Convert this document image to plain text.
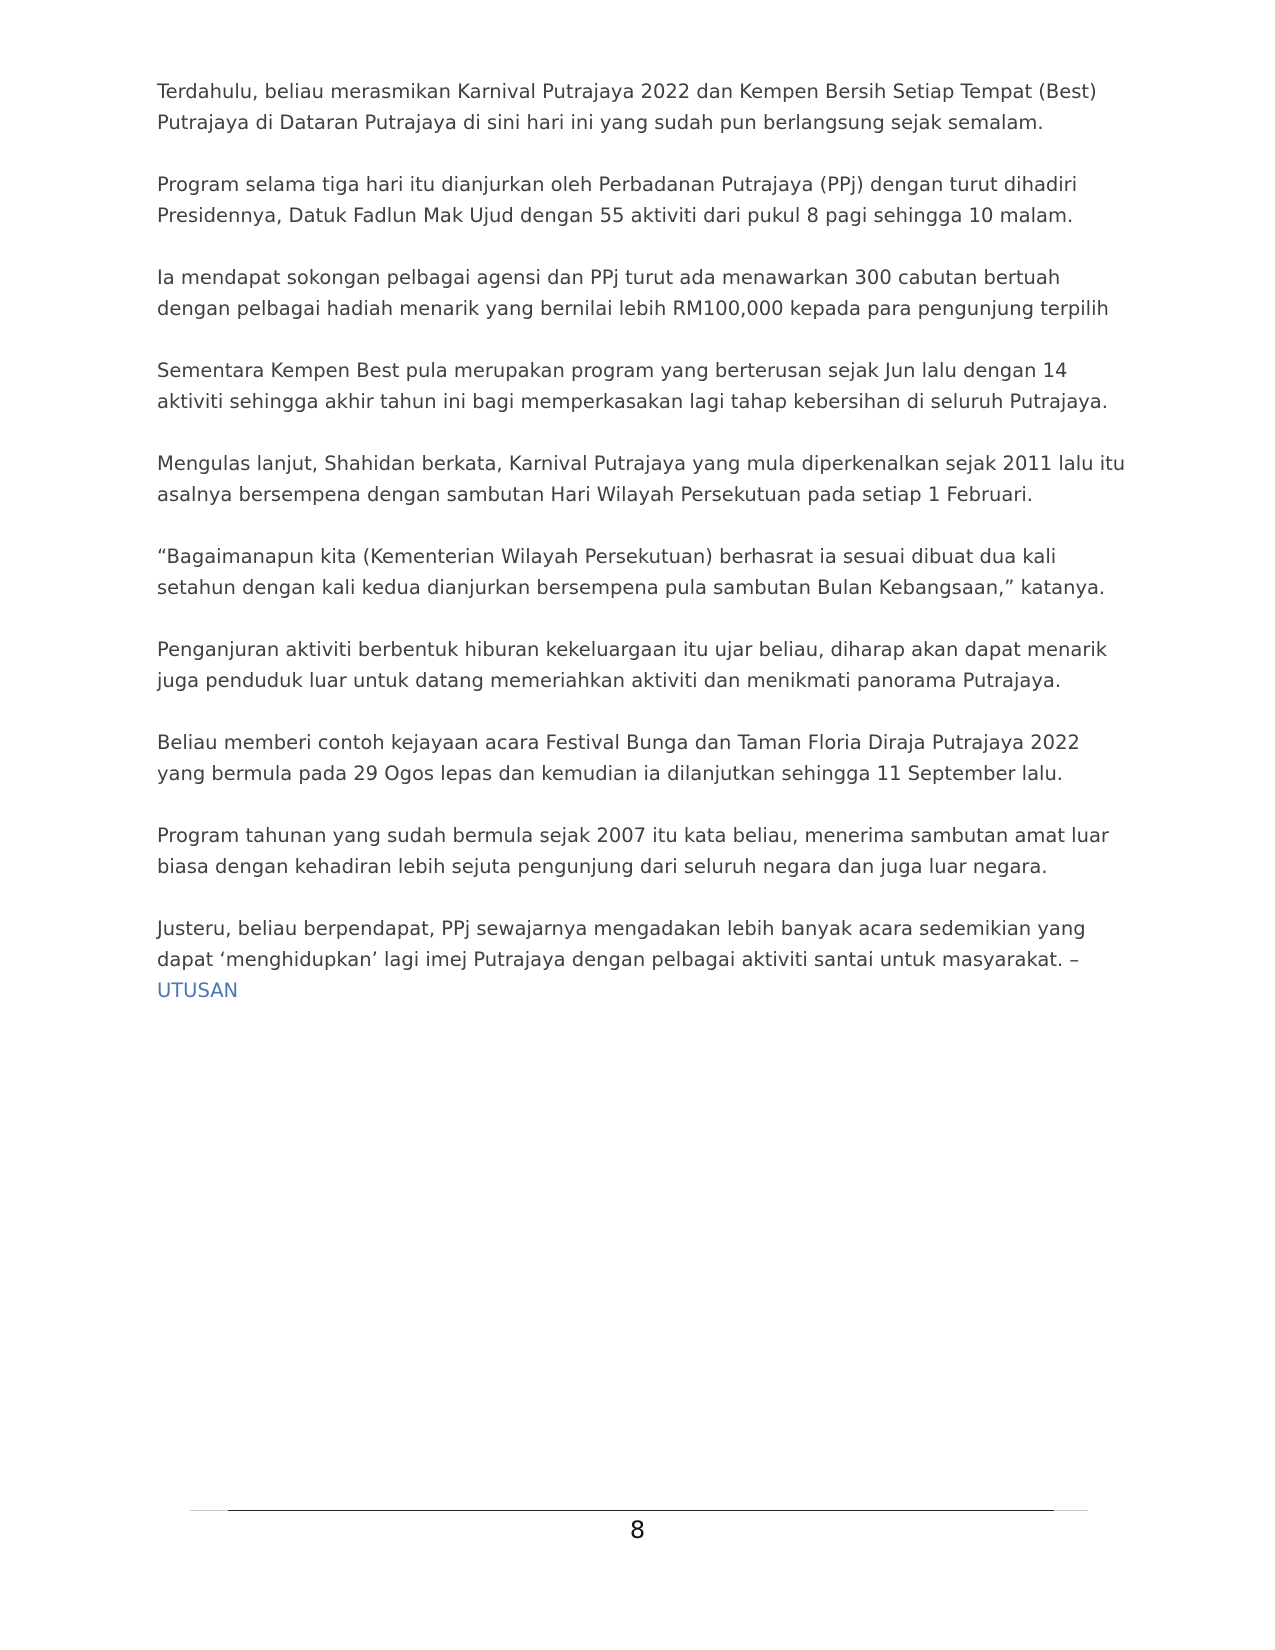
Terdahulu, beliau merasmikan Karnival Putrajaya 2022 dan Kempen Bersih Setiap Tempat (Best) Putrajaya di Dataran Putrajaya di sini hari ini yang sudah pun berlangsung sejak semalam.

Program selama tiga hari itu dianjurkan oleh Perbadanan Putrajaya (PPj) dengan turut dihadiri Presidennya, Datuk Fadlun Mak Ujud dengan 55 aktiviti dari pukul 8 pagi sehingga 10 malam.

Ia mendapat sokongan pelbagai agensi dan PPj turut ada menawarkan 300 cabutan bertuah dengan pelbagai hadiah menarik yang bernilai lebih RM100,000 kepada para pengunjung terpilih

Sementara Kempen Best pula merupakan program yang berterusan sejak Jun lalu dengan 14 aktiviti sehingga akhir tahun ini bagi memperkasakan lagi tahap kebersihan di seluruh Putrajaya.

Mengulas lanjut, Shahidan berkata, Karnival Putrajaya yang mula diperkenalkan sejak 2011 lalu itu asalnya bersempena dengan sambutan Hari Wilayah Persekutuan pada setiap 1 Februari.

“Bagaimanapun kita (Kementerian Wilayah Persekutuan) berhasrat ia sesuai dibuat dua kali setahun dengan kali kedua dianjurkan bersempena pula sambutan Bulan Kebangsaan,” katanya.

Penganjuran aktiviti berbentuk hiburan kekeluargaan itu ujar beliau, diharap akan dapat menarik juga penduduk luar untuk datang memeriahkan aktiviti dan menikmati panorama Putrajaya.

Beliau memberi contoh kejayaan acara Festival Bunga dan Taman Floria Diraja Putrajaya 2022 yang bermula pada 29 Ogos lepas dan kemudian ia dilanjutkan sehingga 11 September lalu.

Program tahunan yang sudah bermula sejak 2007 itu kata beliau, menerima sambutan amat luar biasa dengan kehadiran lebih sejuta pengunjung dari seluruh negara dan juga luar negara.

Justeru, beliau berpendapat, PPj sewajarnya mengadakan lebih banyak acara sedemikian yang dapat ‘menghidupkan’ lagi imej Putrajaya dengan pelbagai aktiviti santai untuk masyarakat. –UTUSAN

8
